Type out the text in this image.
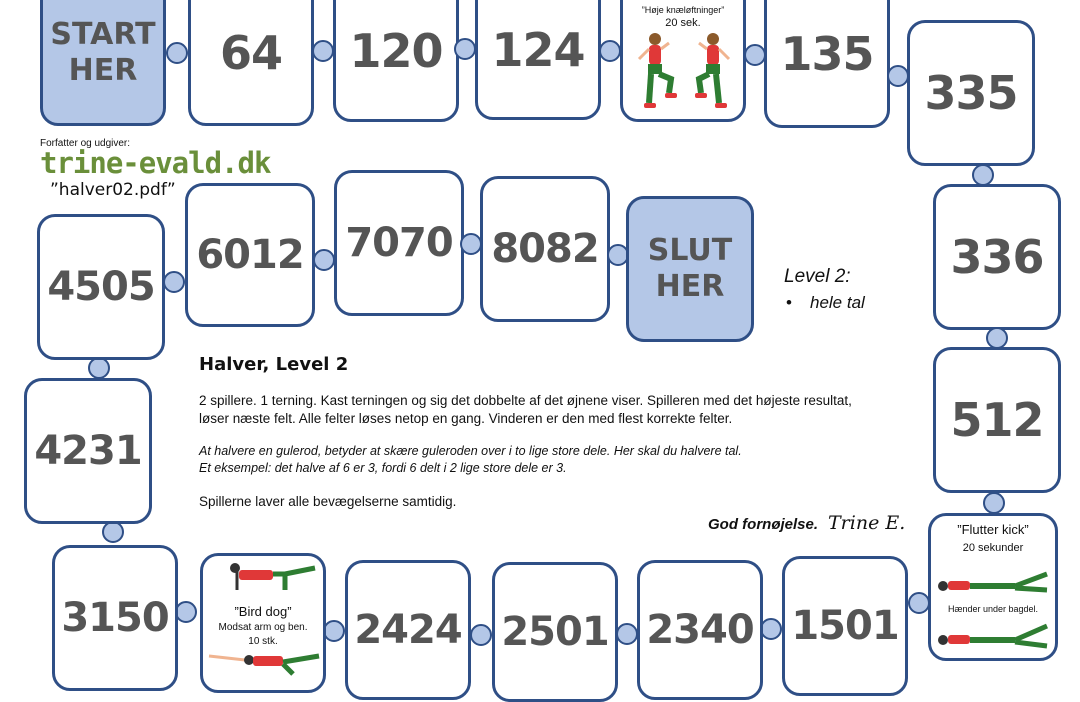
START HER	64 120 124
”Høje knæløftninger”
20 sek.
135
335
336
512
”Flutter kick”
20 sekunder
Hænder under bagdel.
1501
2340
2501
2424
”Bird dog”
Modsat arm og ben.
10 stk.
3150
4231
4505
6012 7070 8082	SLUT HER
Forfatter og udgiver:
trine-evald.dk
”halver02.pdf”
Level 2:
• hele tal
Halver, Level 2
2 spillere. 1 terning. Kast terningen og sig det dobbelte af det øjnene viser. Spilleren med det højeste resultat,
løser næste felt. Alle felter løses netop en gang. Vinderen er den med flest korrekte felter.
At halvere en gulerod, betyder at skære guleroden over i to lige store dele. Her skal du halvere tal.
Et eksempel: det halve af 6 er 3, fordi 6 delt i 2 lige store dele er 3.
Spillerne laver alle bevægelserne samtidig.
God fornøjelse. Trine E.
